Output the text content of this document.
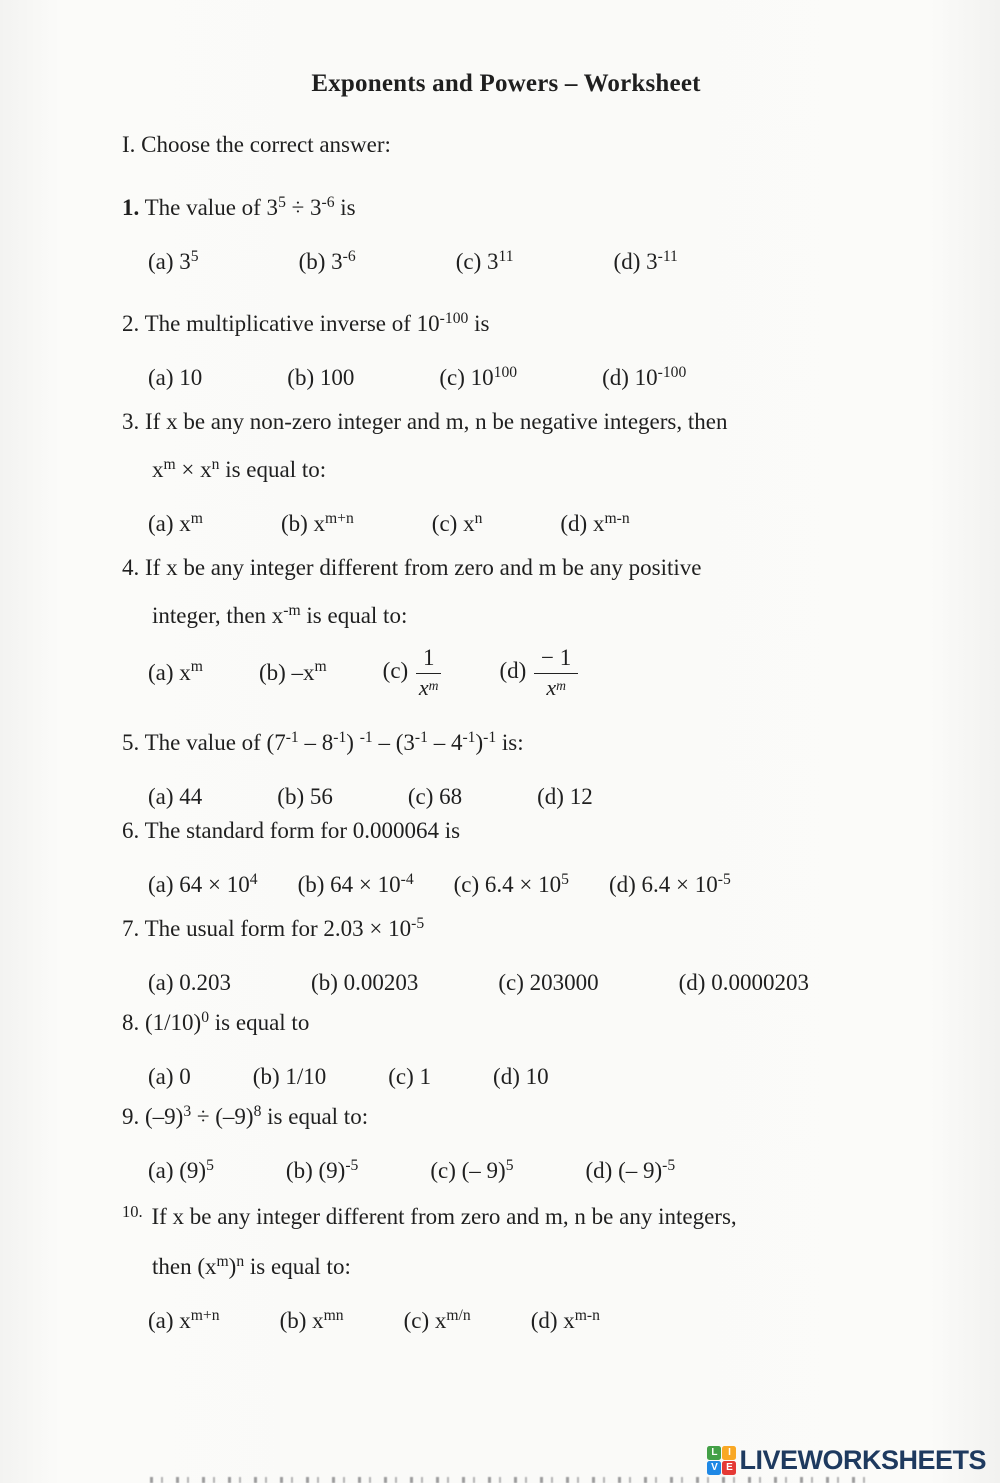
Exponents and Powers – Worksheet

I. Choose the correct answer:

1. The value of $3^5 \div 3^{-6}$ is

(a) $3^5$	(b) $3^{-6}$	(c) $3^{11}$	(d) $3^{-11}$

2. The multiplicative inverse of $10^{-100}$ is

(a) 10	(b) 100	(c) $10^{100}$	(d) $10^{-100}$

3. If x be any non-zero integer and m, n be negative integers, then

$x^m \times x^n$ is equal to:

(a) $x^m$	(b) $x^{m+n}$	(c) $x^n$	(d) $x^{m-n}$

4. If x be any integer different from zero and m be any positive

integer, then $x^{-m}$ is equal to:

(a) $x^m$ (b) $-x^m$ $(c) \frac{1}{x^m}$	$(d) \frac{- 1}{x^m}$

5. The value of $(7^{-1} - 8^{-1})$ $^{-1} - (3^{-1} - 4^{-1})^{-1}$ is:

(a) 44	(b) 56	(c) 68	(d) 12

6. The standard form for 0.000064 is

(a) $64 \times 10^4$ (b) $64 \times 10^{-4}$ (c) $6.4 \times 10^5$ (d) $6.4 \times 10^{-5}$

7. The usual form for $2.03 \times 10^{-5}$

(a) 0.203	(b) 0.00203	(c) 203000	(d) 0.0000203

8. $(1/10)^0$ is equal to

(a) 0	(b) 1/10	(c) 1	(d) 10

9. $(-9)^3 \div (-9)^8$ is equal to:

(a) $(9)^5$	(b) $(9)^{-5}$	(c) (– 9)$^5$	(d) (– 9)$^{-5}$

$^{10.}$ If x be any integer different from zero and m, n be any integers,

then $(x^m)^n$ is equal to:

(a) $x^{m+n}$	(b) $x^{mn}$	(c) $x^{m/n}$	(d) $x^{m-n}$
L	I
V E LIVEWORKSHEETS
